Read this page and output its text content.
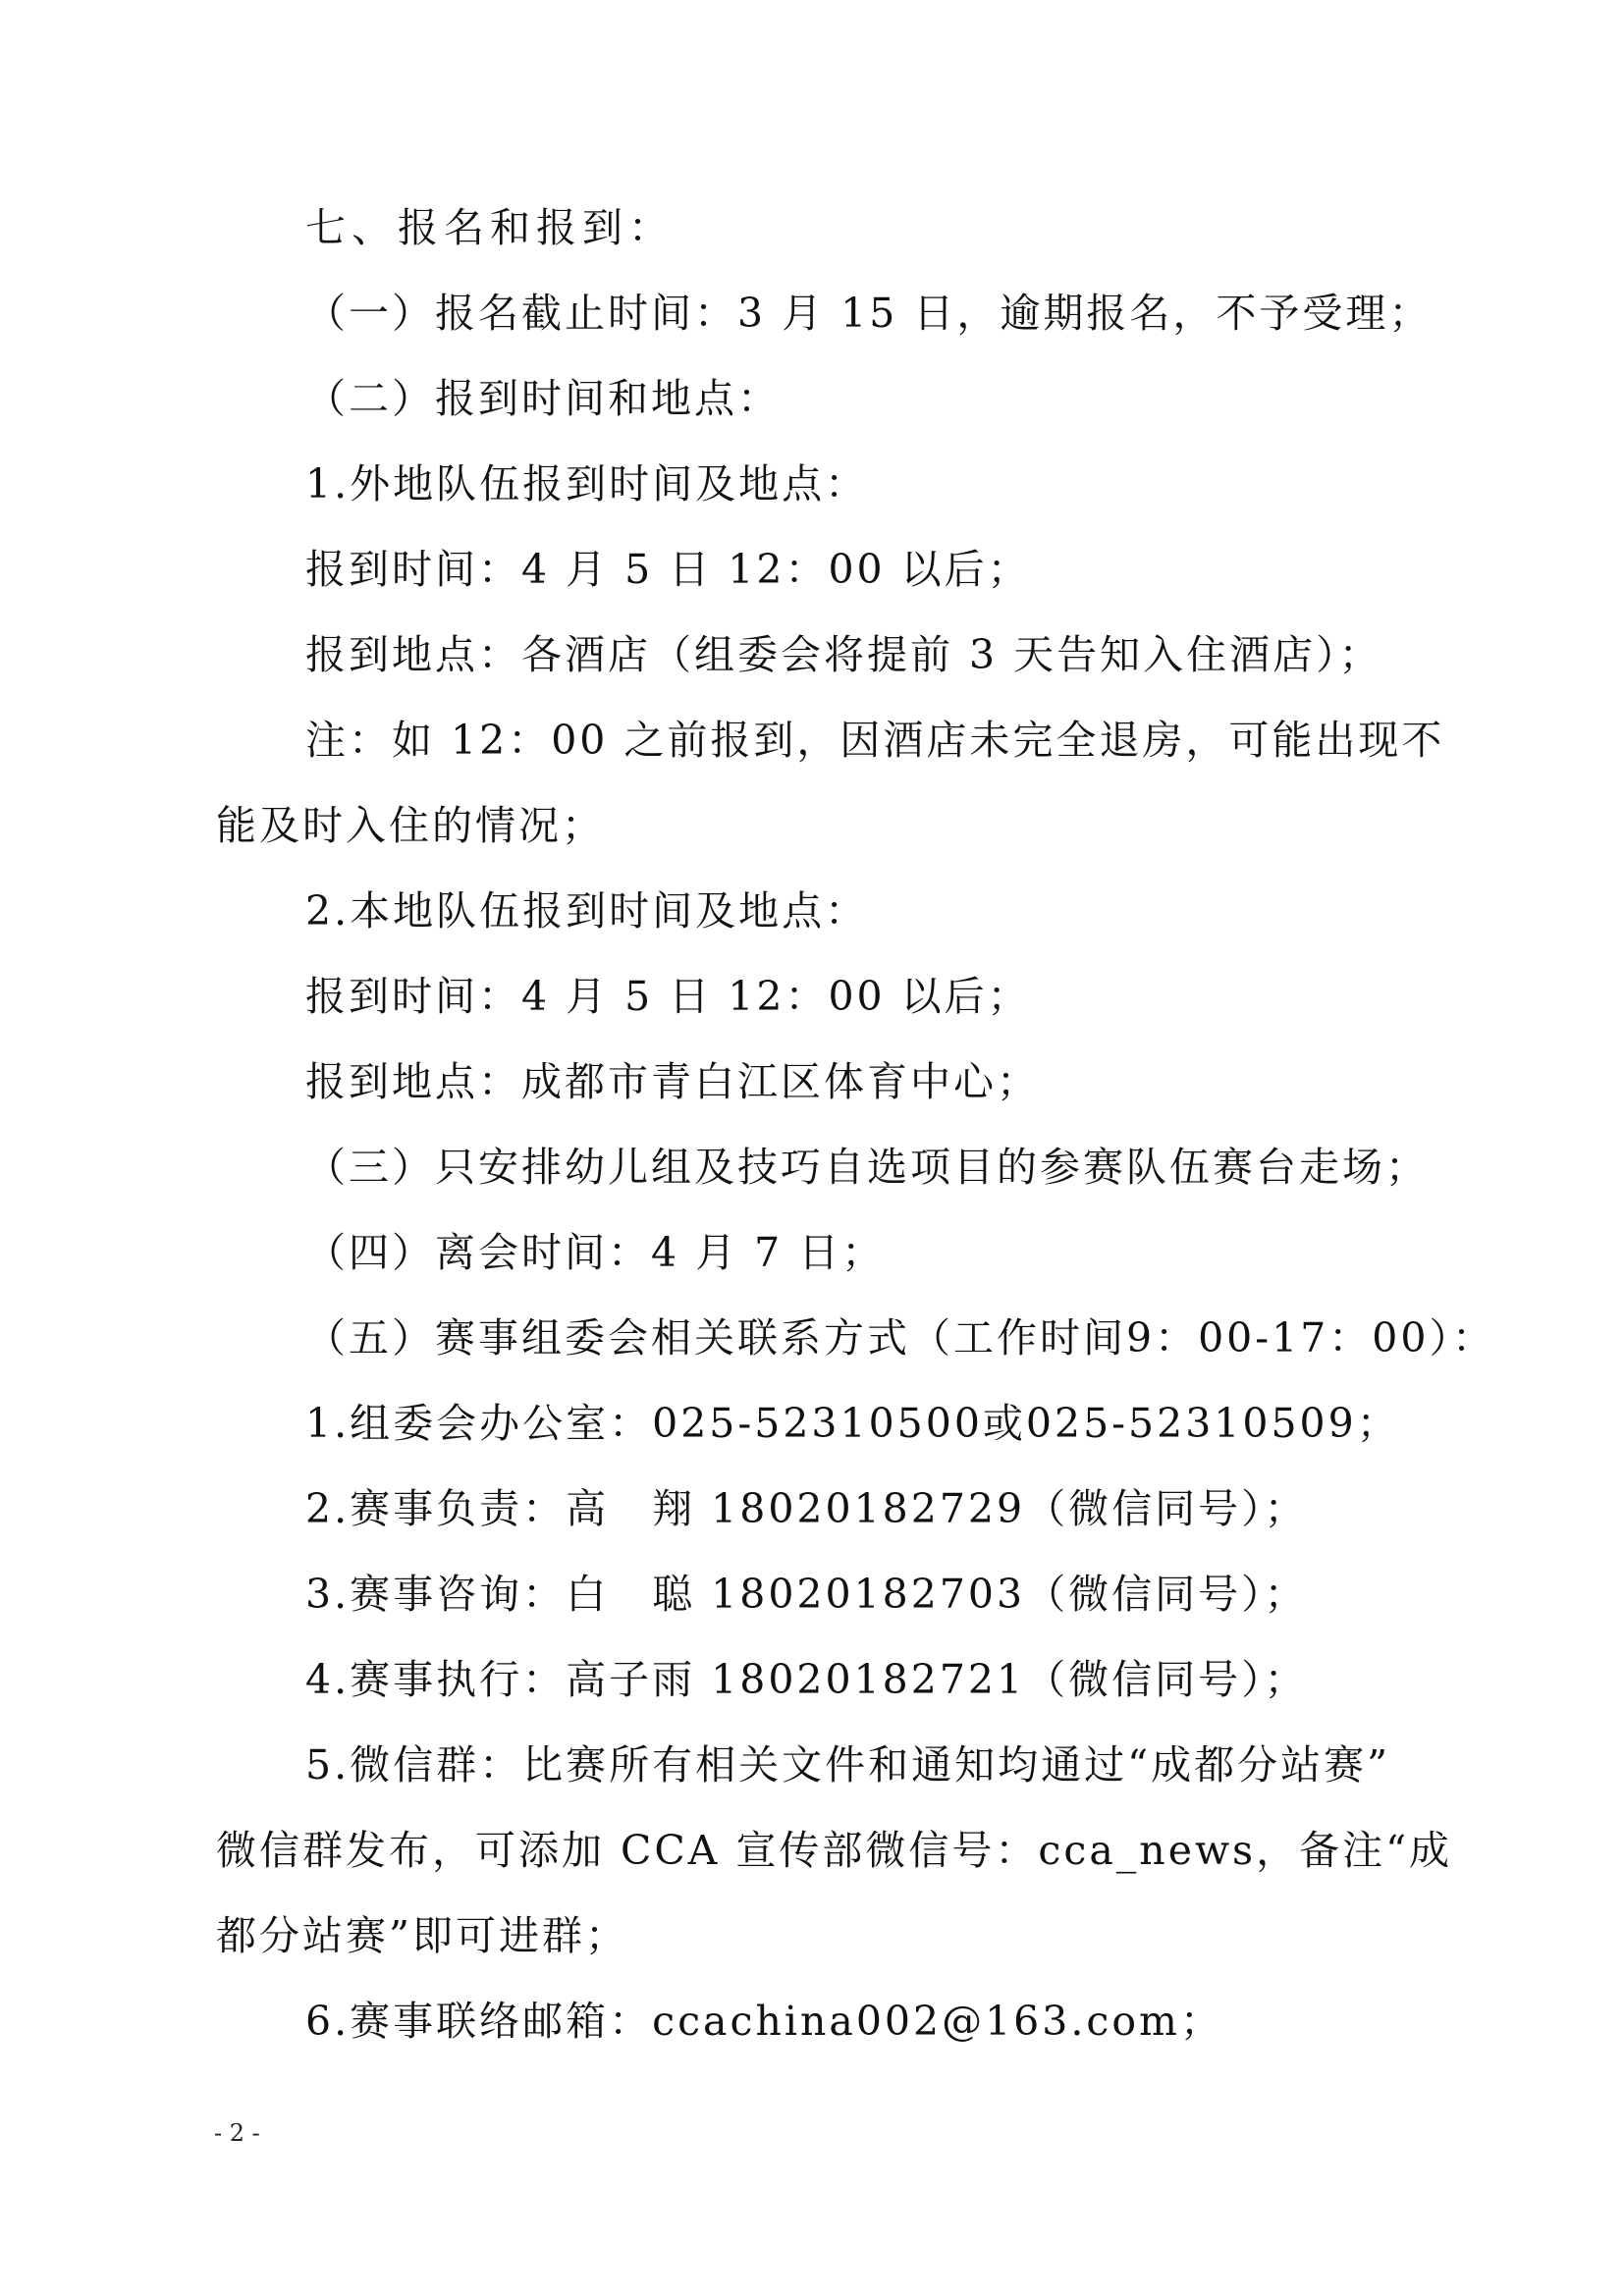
七、报名和报到：
（一）报名截止时间：3 月 15 日，逾期报名，不予受理；
（二）报到时间和地点：
1.外地队伍报到时间及地点：
报到时间：4 月 5 日 12：00 以后；
报到地点：各酒店（组委会将提前 3 天告知入住酒店）；
注：如 12：00 之前报到，因酒店未完全退房，可能出现不
能及时入住的情况；
2.本地队伍报到时间及地点：
报到时间：4 月 5 日 12：00 以后；
报到地点：成都市青白江区体育中心；
（三）只安排幼儿组及技巧自选项目的参赛队伍赛台走场；
（四）离会时间：4 月 7 日；
（五）赛事组委会相关联系方式（工作时间9：00-17：00）：
1.组委会办公室：025-52310500或025-52310509；
2.赛事负责：高　翔 18020182729（微信同号）；
3.赛事咨询：白　聪 18020182703（微信同号）；
4.赛事执行：高子雨 18020182721（微信同号）；
5.微信群：比赛所有相关文件和通知均通过“成都分站赛”
微信群发布，可添加 CCA 宣传部微信号：cca_news，备注“成
都分站赛”即可进群；
6.赛事联络邮箱：ccachina002@163.com；
- 2 -
